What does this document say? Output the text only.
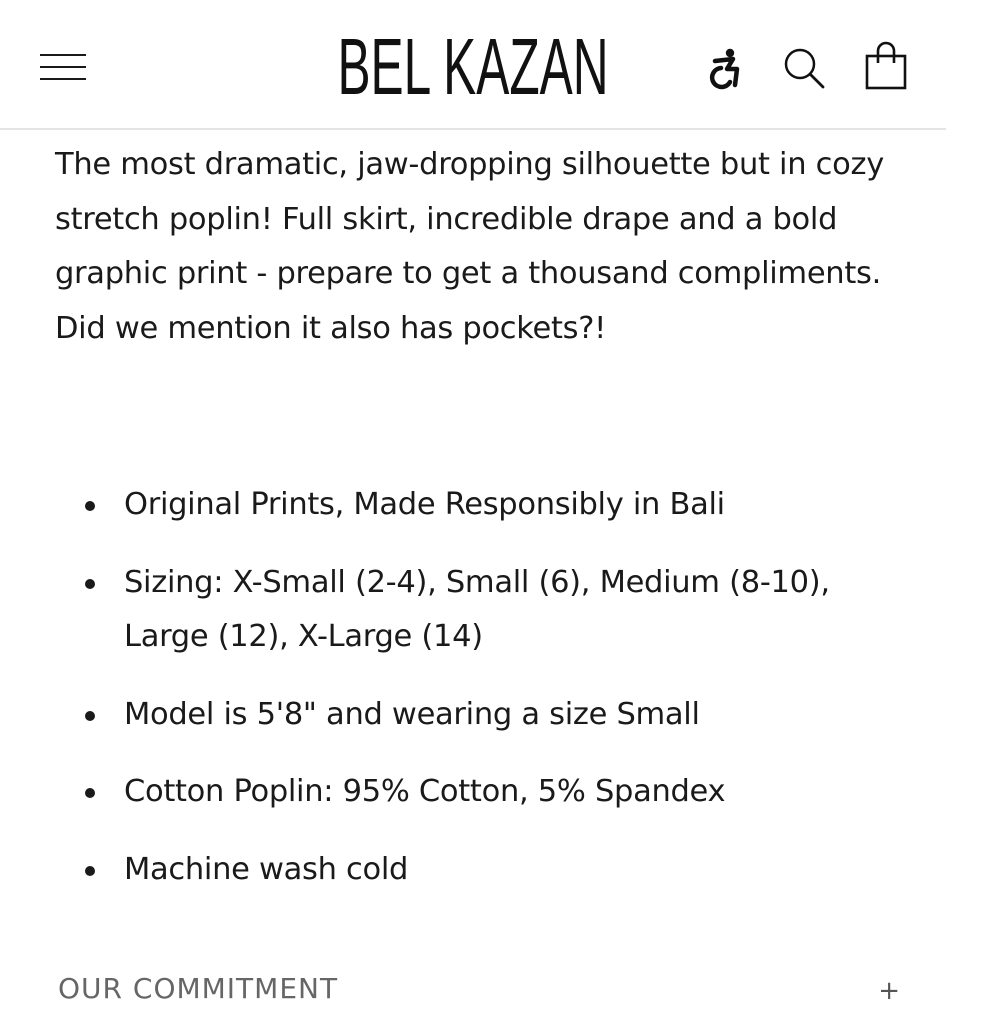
BEL KAZAN

The most dramatic, jaw-dropping silhouette but in cozy stretch poplin! Full skirt, incredible drape and a bold graphic print - prepare to get a thousand compliments. Did we mention it also has pockets?!

Original Prints, Made Responsibly in Bali
Sizing: X-Small (2-4), Small (6), Medium (8-10), Large (12), X-Large (14)
Model is 5'8" and wearing a size Small
Cotton Poplin: 95% Cotton, 5% Spandex
Machine wash cold
OUR COMMITMENT	+
